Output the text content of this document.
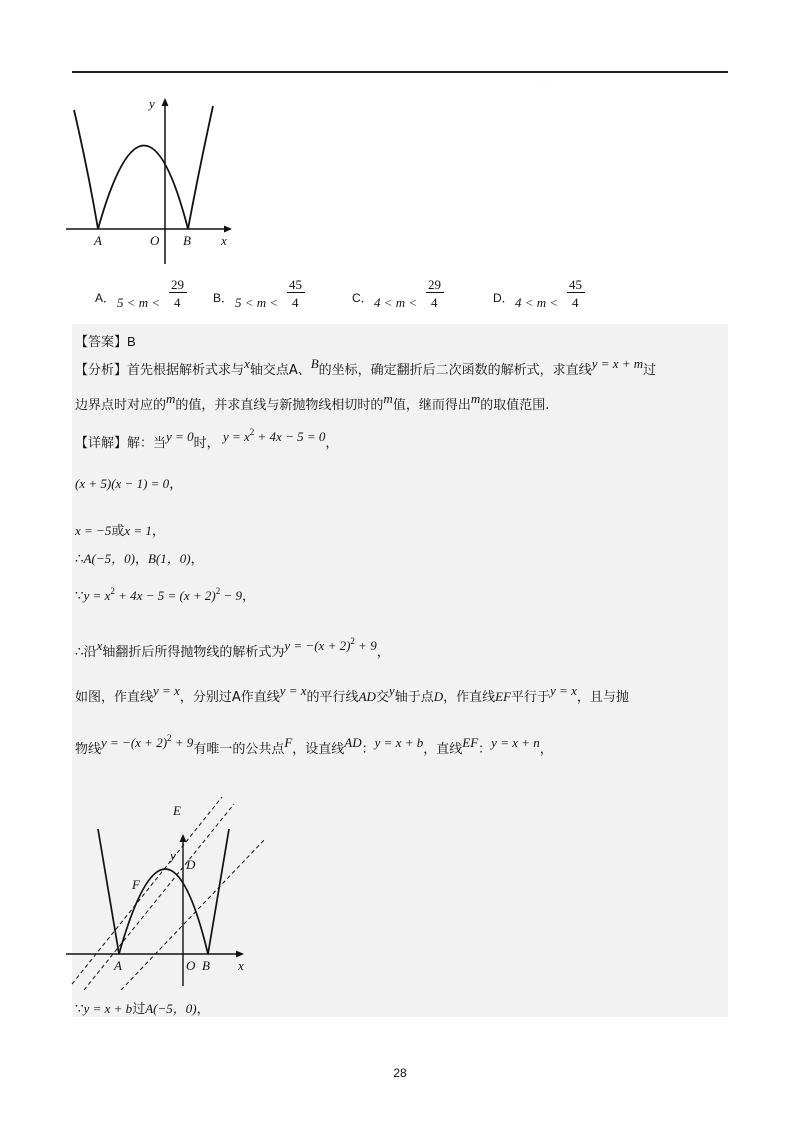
·
y
x
A	O B
A． 5 < m <
29
4	B． 5 < m <
45
4	C． 4 < m <
29
4	D． 4 < m <
45
4
【答案】B
【分析】首先根据解析式求与x轴交点A、B的坐标，确定翻折后二次函数的解析式，求直线y = x + m过
边界点时对应的m的值，并求直线与新抛物线相切时的m值，继而得出m的取值范围.
【详解】解：当y = 0时， $y = x^2 + 4x - 5 = 0$，
(x + 5)(x − 1) = 0，
x = −5或x = 1，
∴A(−5，0)，B(1，0)，
∵y = $x^2 + 4x - 5 = (x + 2)^2 - 9$，
∴沿x轴翻折后所得抛物线的解析式为$y = -(x + 2)^2 + 9$，
如图，作直线y = x，分别过A作直线y = x的平行线AD交y轴于点D，作直线EF平行于y = x，且与抛
物线$y = -(x + 2)^2 + 9$有唯一的公共点F，设直线AD：y = x + b，直线EF：y = x + n，
E
y
D
F
A	O B x
∵y = x + b过A(−5，0)，
28
